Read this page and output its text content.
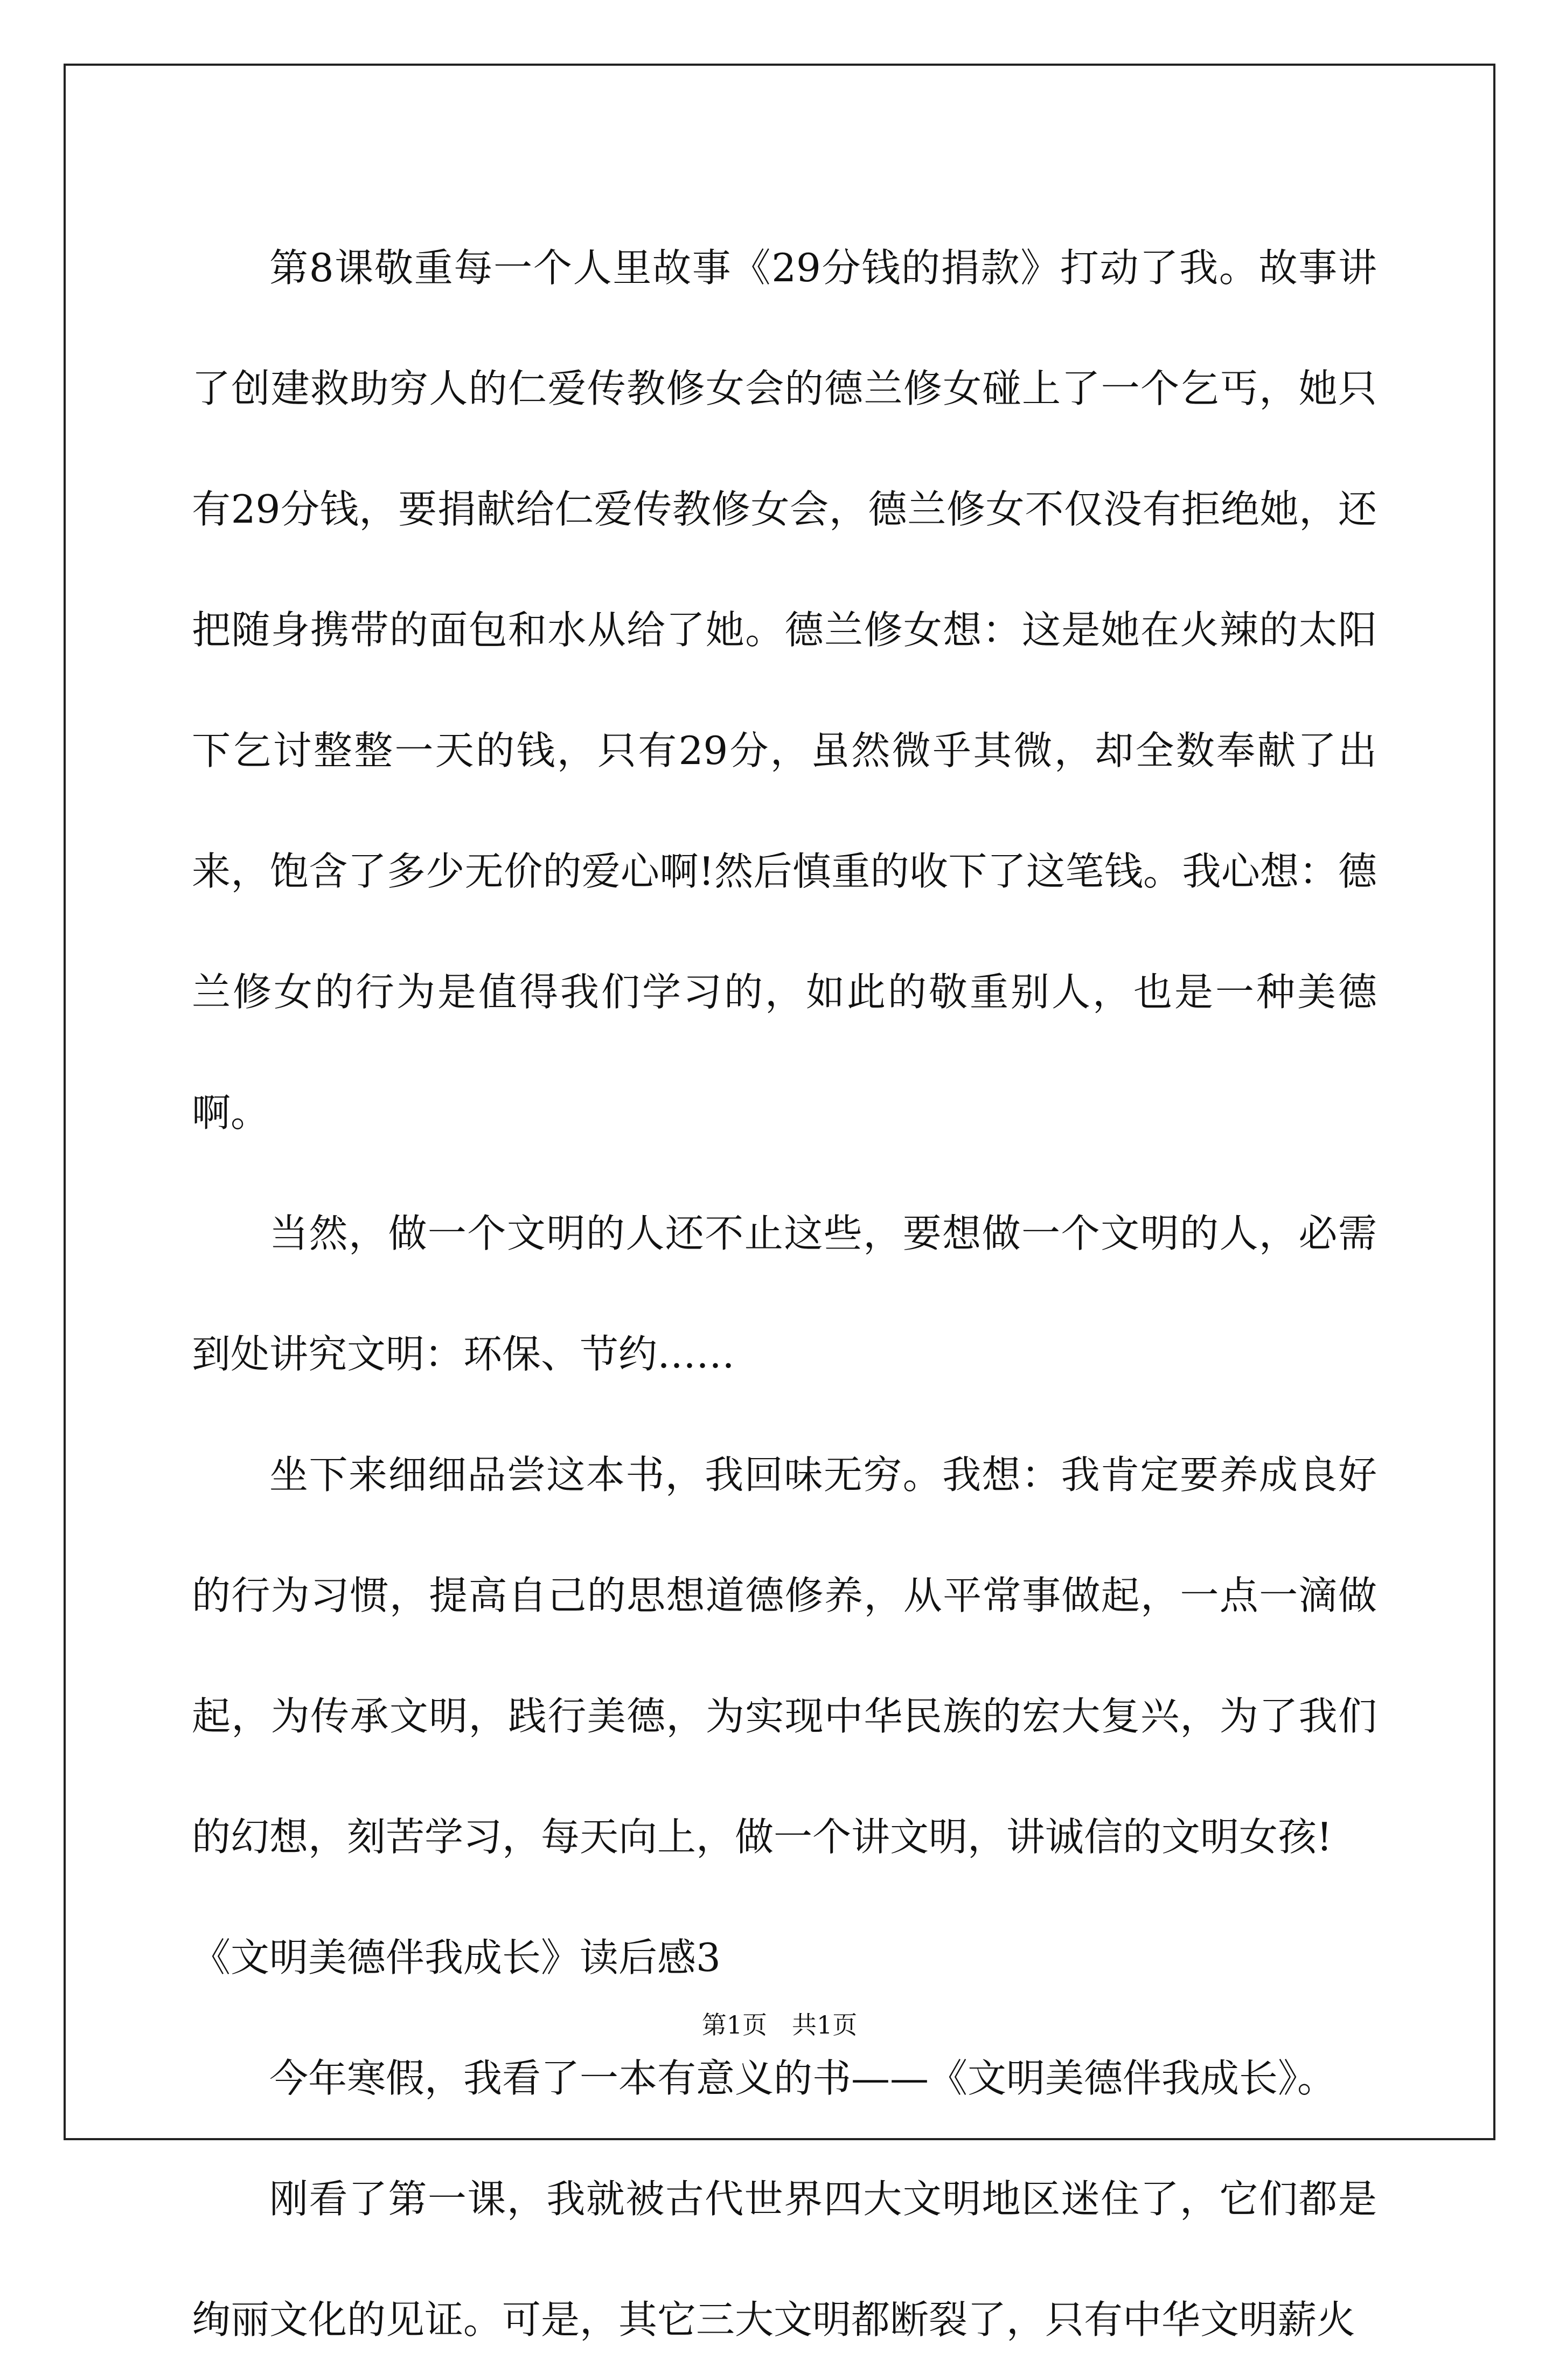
第8课敬重每一个人里故事《29分钱的捐款》打动了我。故事讲了创建救助穷人的仁爱传教修女会的德兰修女碰上了一个乞丐，她只有29分钱，要捐献给仁爱传教修女会，德兰修女不仅没有拒绝她，还把随身携带的面包和水从给了她。德兰修女想：这是她在火辣的太阳下乞讨整整一天的钱，只有29分，虽然微乎其微，却全数奉献了出来，饱含了多少无价的爱心啊!然后慎重的收下了这笔钱。我心想：德兰修女的行为是值得我们学习的，如此的敬重别人，也是一种美德啊。

当然，做一个文明的人还不止这些，要想做一个文明的人，必需到处讲究文明：环保、节约……

坐下来细细品尝这本书，我回味无穷。我想：我肯定要养成良好的行为习惯，提高自己的思想道德修养，从平常事做起，一点一滴做起，为传承文明，践行美德，为实现中华民族的宏大复兴，为了我们的幻想，刻苦学习，每天向上，做一个讲文明，讲诚信的文明女孩!

《文明美德伴我成长》读后感3

今年寒假，我看了一本有意义的书——《文明美德伴我成长》。

刚看了第一课，我就被古代世界四大文明地区迷住了，它们都是绚丽文化的见证。可是，其它三大文明都断裂了，只有中华文明薪火

第1页　共1页
